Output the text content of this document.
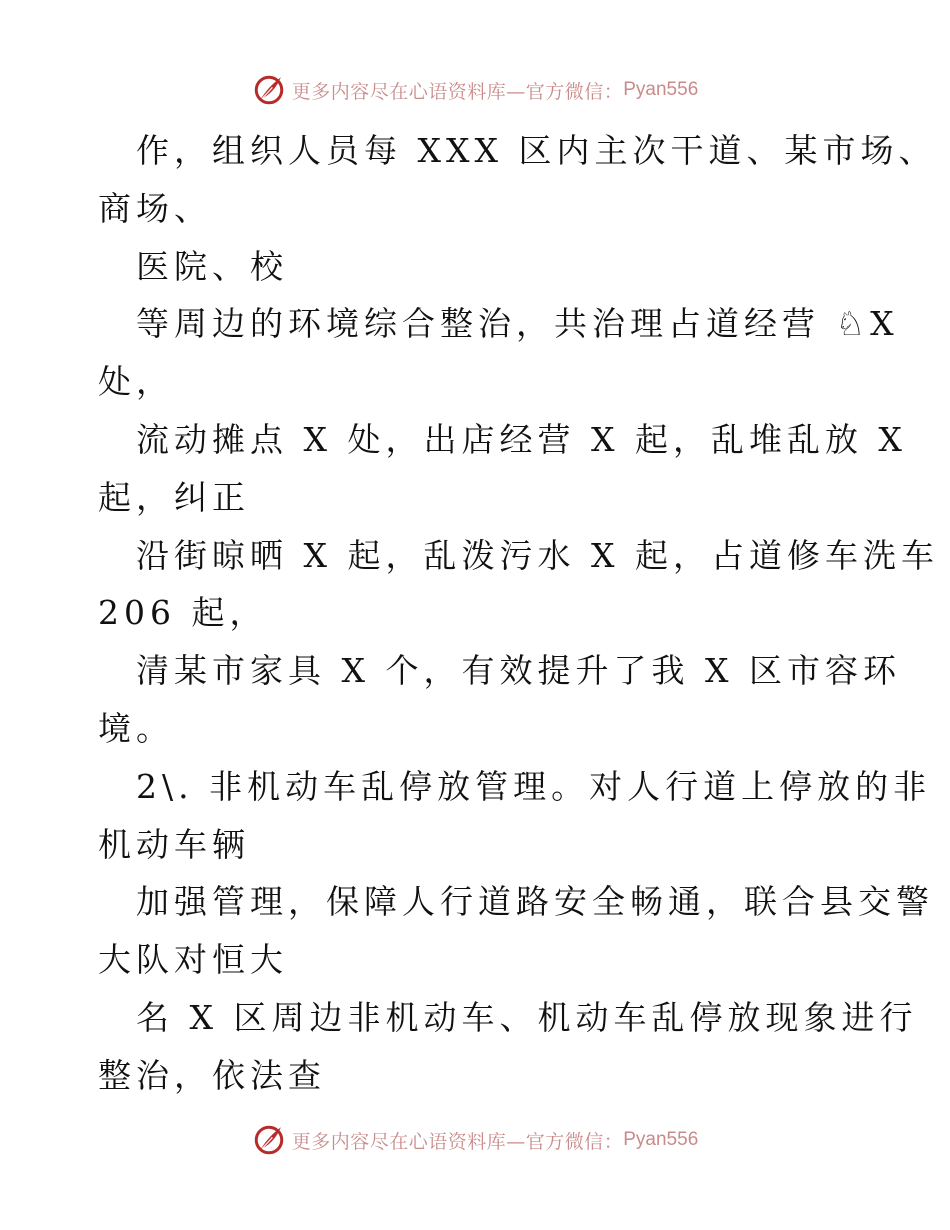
更多内容尽在心语资料库—官方微信： Pyan556
作，组织人员每 XXX 区内主次干道、某市场、
商场、
医院、校
等周边的环境综合整治，共治理占道经营 ♘X
处，
流动摊点 X 处，出店经营 X 起，乱堆乱放 X
起，纠正
沿街晾晒 X 起，乱泼污水 X 起，占道修车洗车
206 起，
清某市家具 X 个，有效提升了我 X 区市容环
境。
2\. 非机动车乱停放管理。对人行道上停放的非
机动车辆
加强管理，保障人行道路安全畅通，联合县交警
大队对恒大
名 X 区周边非机动车、机动车乱停放现象进行
整治，依法查
更多内容尽在心语资料库—官方微信： Pyan556
